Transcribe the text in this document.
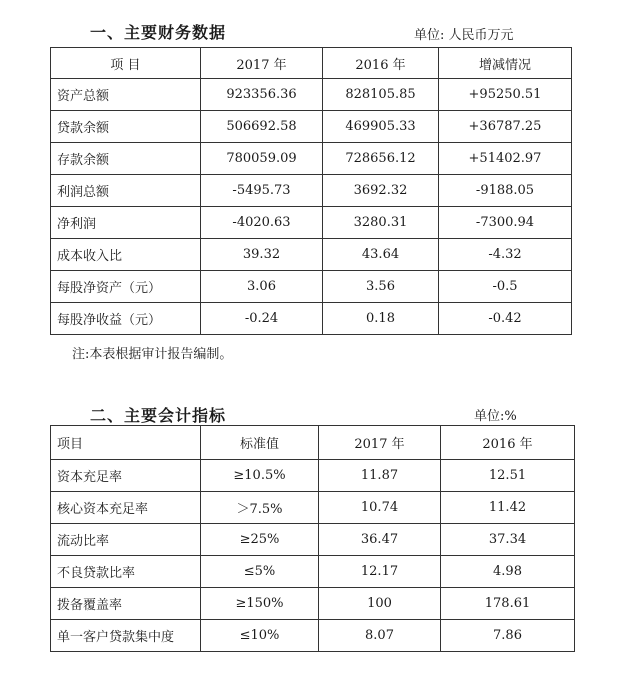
一、主要财务数据	单位: 人民币万元
项 目	2017 年	2016 年	增减情况
资产总额	923356.36	828105.85	+95250.51
贷款余额	506692.58	469905.33	+36787.25
存款余额	780059.09	728656.12	+51402.97
利润总额	-5495.73	3692.32	-9188.05
净利润	-4020.63	3280.31	-7300.94
成本收入比	39.32	43.64	-4.32
每股净资产（元）	3.06	3.56	-0.5
每股净收益（元）	-0.24	0.18	-0.42
注:本表根据审计报告编制。
二、主要会计指标	单位:%
项目	标准值	2017 年	2016 年
资本充足率	≥10.5%	11.87	12.51
核心资本充足率	＞7.5%	10.74	11.42
流动比率	≥25%	36.47	37.34
不良贷款比率	≤5%	12.17	4.98
拨备覆盖率	≥150%	100	178.61
单一客户贷款集中度	≤10%	8.07	7.86
